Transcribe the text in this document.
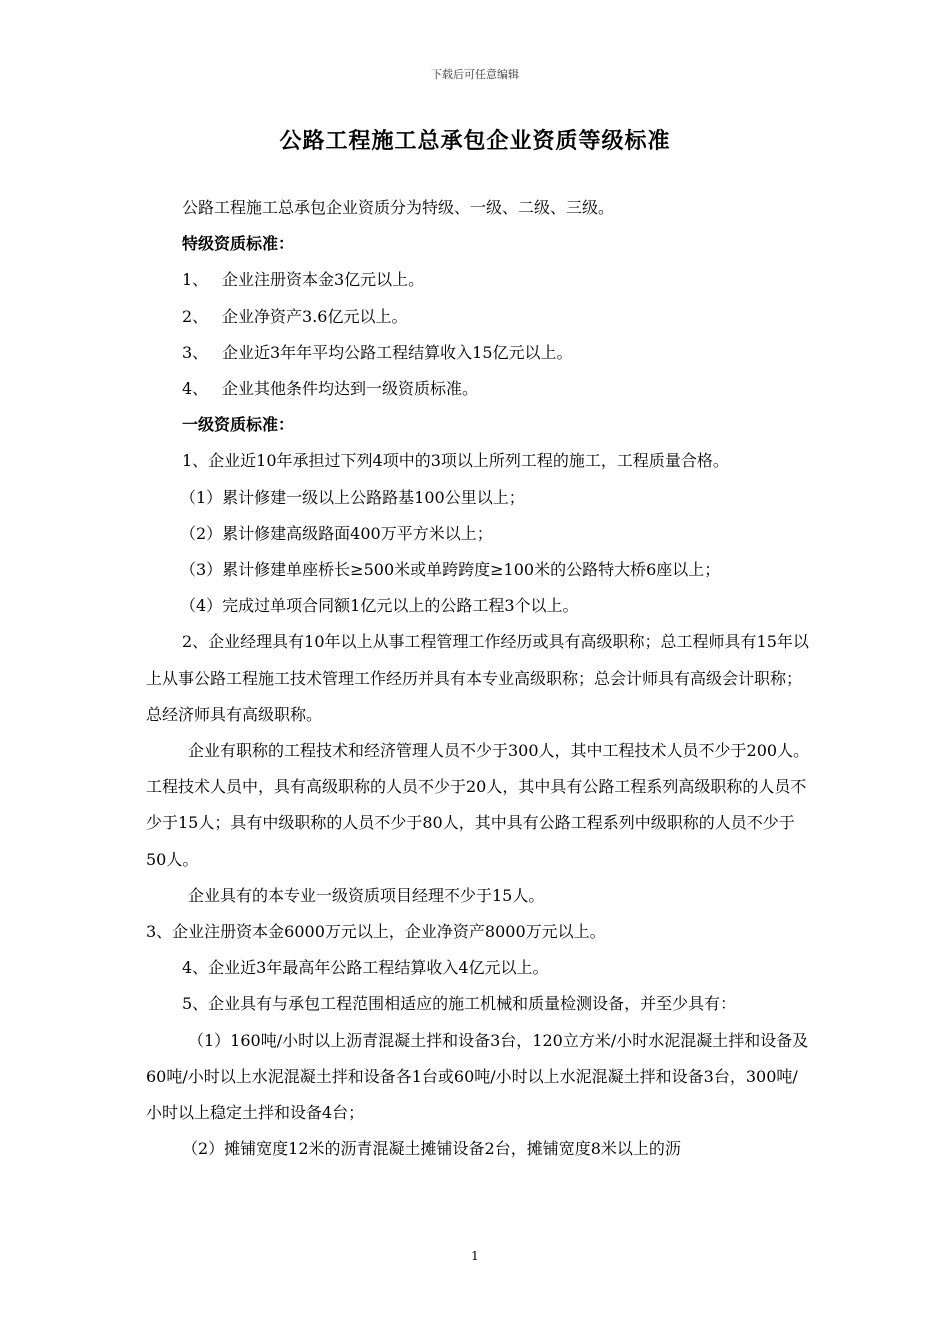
下载后可任意编辑
公路工程施工总承包企业资质等级标准

公路工程施工总承包企业资质分为特级、一级、二级、三级。

特级资质标准：

1、 企业注册资本金3亿元以上。

2、 企业净资产3.6亿元以上。

3、 企业近3年年平均公路工程结算收入15亿元以上。

4、 企业其他条件均达到一级资质标准。

一级资质标准：

1、企业近10年承担过下列4项中的3项以上所列工程的施工，工程质量合格。

（1）累计修建一级以上公路路基100公里以上；

（2）累计修建高级路面400万平方米以上；

（3）累计修建单座桥长≥500米或单跨跨度≥100米的公路特大桥6座以上；

（4）完成过单项合同额1亿元以上的公路工程3个以上。

2、企业经理具有10年以上从事工程管理工作经历或具有高级职称；总工程师具有15年以上从事公路工程施工技术管理工作经历并具有本专业高级职称；总会计师具有高级会计职称；总经济师具有高级职称。

企业有职称的工程技术和经济管理人员不少于300人，其中工程技术人员不少于200人。工程技术人员中，具有高级职称的人员不少于20人，其中具有公路工程系列高级职称的人员不少于15人；具有中级职称的人员不少于80人，其中具有公路工程系列中级职称的人员不少于50人。

企业具有的本专业一级资质项目经理不少于15人。

3、企业注册资本金6000万元以上，企业净资产8000万元以上。

4、企业近3年最高年公路工程结算收入4亿元以上。

5、企业具有与承包工程范围相适应的施工机械和质量检测设备，并至少具有：

（1）160吨/小时以上沥青混凝土拌和设备3台，120立方米/小时水泥混凝土拌和设备及60吨/小时以上水泥混凝土拌和设备各1台或60吨/小时以上水泥混凝土拌和设备3台，300吨/小时以上稳定土拌和设备4台；

（2）摊铺宽度12米的沥青混凝土摊铺设备2台，摊铺宽度8米以上的沥

1
